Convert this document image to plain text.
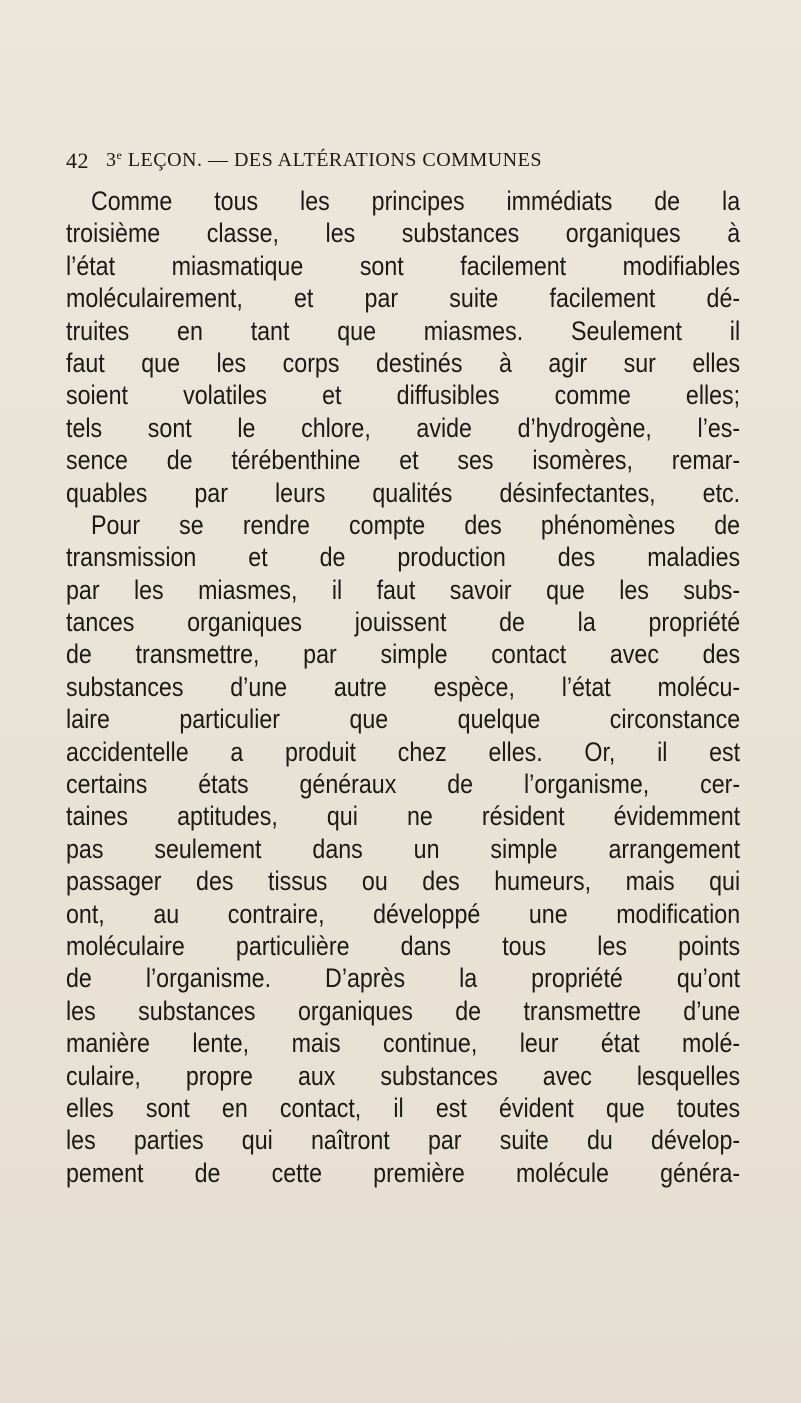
42 3e LEÇON. — DES ALTÉRATIONS COMMUNES
Comme tous les principes immédiats de la
troisième classe, les substances organiques à
l’état miasmatique sont facilement modifiables
moléculairement, et par suite facilement dé-
truites en tant que miasmes. Seulement il
faut que les corps destinés à agir sur elles
soient volatiles et diffusibles comme elles;
tels sont le chlore, avide d’hydrogène, l’es-
sence de térébenthine et ses isomères, remar-
quables par leurs qualités désinfectantes, etc.
Pour se rendre compte des phénomènes de
transmission et de production des maladies
par les miasmes, il faut savoir que les subs-
tances organiques jouissent de la propriété
de transmettre, par simple contact avec des
substances d’une autre espèce, l’état molécu-
laire particulier que quelque circonstance
accidentelle a produit chez elles. Or, il est
certains états généraux de l’organisme, cer-
taines aptitudes, qui ne résident évidemment
pas seulement dans un simple arrangement
passager des tissus ou des humeurs, mais qui
ont, au contraire, développé une modification
moléculaire particulière dans tous les points
de l’organisme. D’après la propriété qu’ont
les substances organiques de transmettre d’une
manière lente, mais continue, leur état molé-
culaire, propre aux substances avec lesquelles
elles sont en contact, il est évident que toutes
les parties qui naîtront par suite du dévelop-
pement de cette première molécule généra-
